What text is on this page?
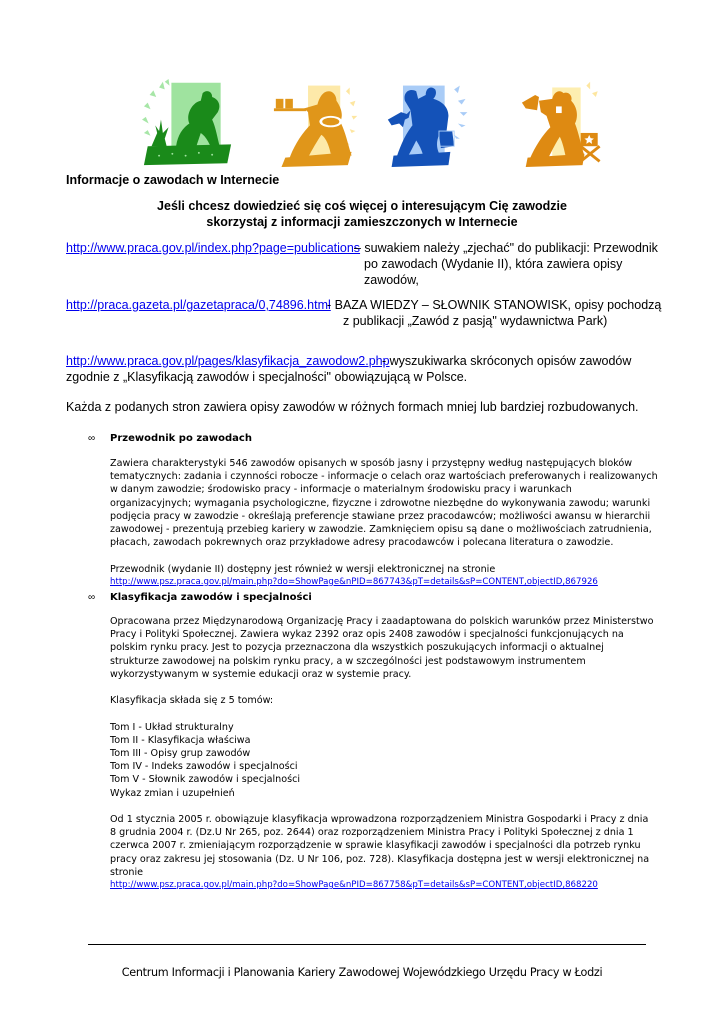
Informacje o zawodach w Internecie
Jeśli chcesz dowiedzieć się coś więcej o interesującym Cię zawodzie
skorzystaj z informacji zamieszczonych w Internecie
http://www.praca.gov.pl/index.php?page=publications
– suwakiem należy „zjechać" do publikacji: Przewodnik
po zawodach (Wydanie II), która zawiera opisy
zawodów,
http://praca.gazeta.pl/gazetapraca/0,74896.html
- BAZA WIEDZY – SŁOWNIK STANOWISK, opisy pochodzą
z publikacji „Zawód z pasją" wydawnictwa Park)
http://www.praca.gov.pl/pages/klasyfikacja_zawodow2.php
- wyszukiwarka skróconych opisów zawodów
zgodnie z „Klasyfikacją zawodów i specjalności" obowiązującą w Polsce.
Każda z podanych stron zawiera opisy zawodów w różnych formach mniej lub bardziej rozbudowanych.
∞ Przewodnik po zawodach
Zawiera charakterystyki 546 zawodów opisanych w sposób jasny i przystępny według następujących bloków
tematycznych: zadania i czynności robocze - informacje o celach oraz wartościach preferowanych i realizowanych
w danym zawodzie; środowisko pracy - informacje o materialnym środowisku pracy i warunkach
organizacyjnych; wymagania psychologiczne, fizyczne i zdrowotne niezbędne do wykonywania zawodu; warunki
podjęcia pracy w zawodzie - określają preferencje stawiane przez pracodawców; możliwości awansu w hierarchii
zawodowej - prezentują przebieg kariery w zawodzie. Zamknięciem opisu są dane o możliwościach zatrudnienia,
płacach, zawodach pokrewnych oraz przykładowe adresy pracodawców i polecana literatura o zawodzie.

Przewodnik (wydanie II) dostępny jest również w wersji elektronicznej na stronie
http://www.psz.praca.gov.pl/main.php?do=ShowPage&nPID=867743&pT=details&sP=CONTENT,objectID,867926
∞ Klasyfikacja zawodów i specjalności
Opracowana przez Międzynarodową Organizację Pracy i zaadaptowana do polskich warunków przez Ministerstwo
Pracy i Polityki Społecznej. Zawiera wykaz 2392 oraz opis 2408 zawodów i specjalności funkcjonujących na
polskim rynku pracy. Jest to pozycja przeznaczona dla wszystkich poszukujących informacji o aktualnej
strukturze zawodowej na polskim rynku pracy, a w szczególności jest podstawowym instrumentem
wykorzystywanym w systemie edukacji oraz w systemie pracy.

Klasyfikacja składa się z 5 tomów:

Tom I - Układ strukturalny
Tom II - Klasyfikacja właściwa
Tom III - Opisy grup zawodów
Tom IV - Indeks zawodów i specjalności
Tom V - Słownik zawodów i specjalności
Wykaz zmian i uzupełnień

Od 1 stycznia 2005 r. obowiązuje klasyfikacja wprowadzona rozporządzeniem Ministra Gospodarki i Pracy z dnia
8 grudnia 2004 r. (Dz.U Nr 265, poz. 2644) oraz rozporządzeniem Ministra Pracy i Polityki Społecznej z dnia 1
czerwca 2007 r. zmieniającym rozporządzenie w sprawie klasyfikacji zawodów i specjalności dla potrzeb rynku
pracy oraz zakresu jej stosowania (Dz. U Nr 106, poz. 728). Klasyfikacja dostępna jest w wersji elektronicznej na
stronie
http://www.psz.praca.gov.pl/main.php?do=ShowPage&nPID=867758&pT=details&sP=CONTENT,objectID,868220
Centrum Informacji i Planowania Kariery Zawodowej Wojewódzkiego Urzędu Pracy w Łodzi
